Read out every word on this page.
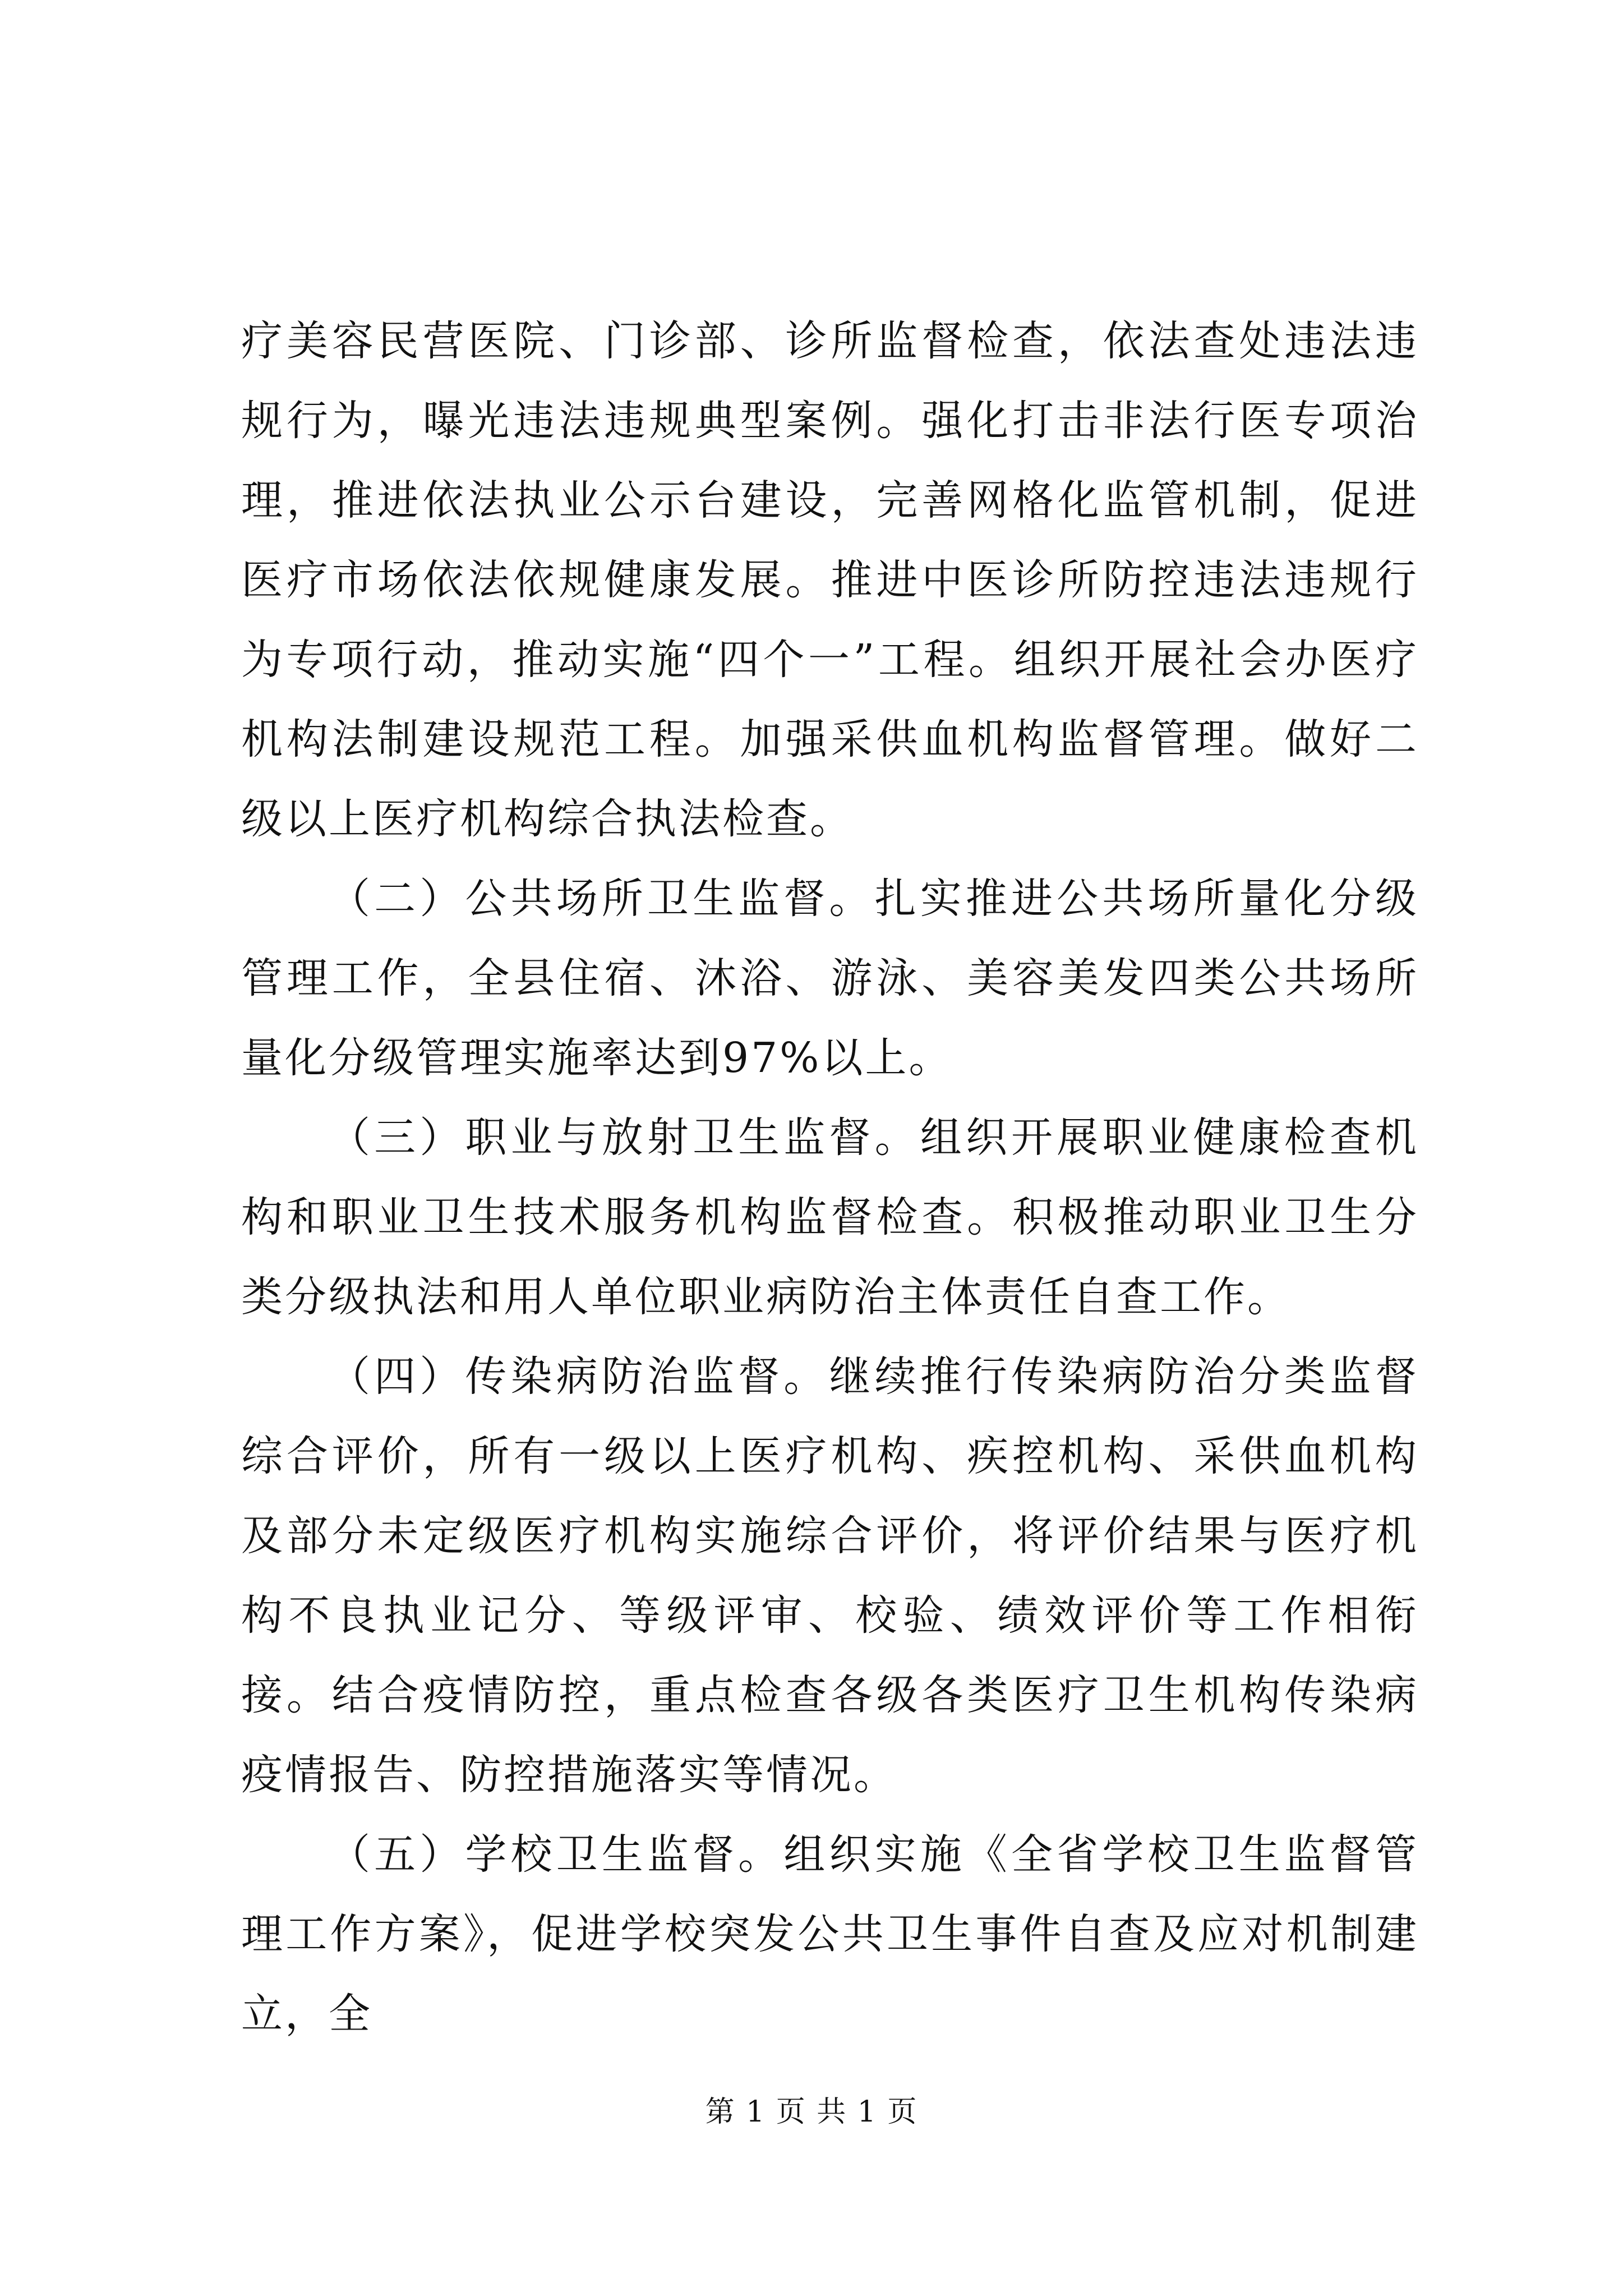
疗美容民营医院、门诊部、诊所监督检查，依法查处违法违规行为，曝光违法违规典型案例。强化打击非法行医专项治理，推进依法执业公示台建设，完善网格化监管机制，促进医疗市场依法依规健康发展。推进中医诊所防控违法违规行为专项行动，推动实施“四个一”工程。组织开展社会办医疗机构法制建设规范工程。加强采供血机构监督管理。做好二级以上医疗机构综合执法检查。

（二）公共场所卫生监督。扎实推进公共场所量化分级管理工作，全县住宿、沐浴、游泳、美容美发四类公共场所量化分级管理实施率达到97%以上。

（三）职业与放射卫生监督。组织开展职业健康检查机构和职业卫生技术服务机构监督检查。积极推动职业卫生分类分级执法和用人单位职业病防治主体责任自查工作。

（四）传染病防治监督。继续推行传染病防治分类监督综合评价，所有一级以上医疗机构、疾控机构、采供血机构及部分未定级医疗机构实施综合评价，将评价结果与医疗机构不良执业记分、等级评审、校验、绩效评价等工作相衔接。结合疫情防控，重点检查各级各类医疗卫生机构传染病疫情报告、防控措施落实等情况。

（五）学校卫生监督。组织实施《全省学校卫生监督管理工作方案》，促进学校突发公共卫生事件自查及应对机制建立，全

第 1 页 共 1 页
